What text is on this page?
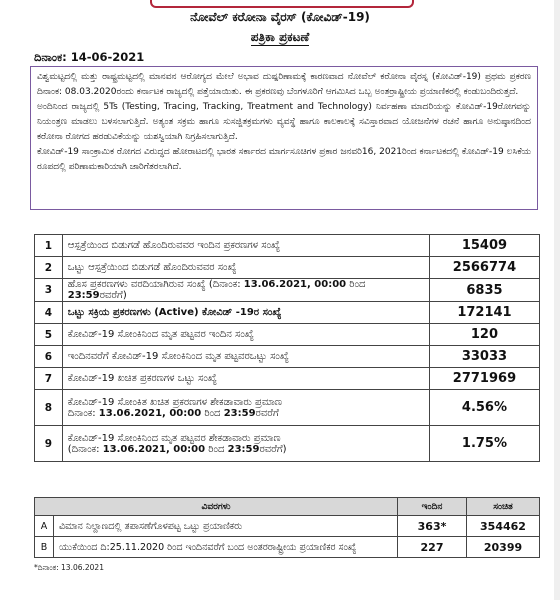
ನೋವೆಲ್ ಕರೋನಾ ವೈರಸ್ (ಕೋವಿಡ್-19)
ಪತ್ರಿಕಾ ಪ್ರಕಟಣೆ
ದಿನಾಂಕ: 14-06-2021

ವಿಶ್ವಮಟ್ಟದಲ್ಲಿ ಮತ್ತು ರಾಷ್ಟ್ರಮಟ್ಟದಲ್ಲಿ ಮಾನವನ ಆರೋಗ್ಯದ ಮೇಲೆ ಅಭಾವ ದುಷ್ಪರಿಣಾಮಕ್ಕೆ ಕಾರಣವಾದ ನೋವೆಲ್ ಕರೋನಾ ವೈರಸ್ನ (ಕೋವಿಡ್-19) ಪ್ರಥಮ ಪ್ರಕರಣ ದಿನಾಂಕ: 08.03.2020ರಂದು ಕರ್ನಾಟಕ ರಾಜ್ಯದಲ್ಲಿ ಪತ್ತೆಯಾಯಿತು. ಈ ಪ್ರಕರಣವು ಬೆಂಗಳೂರಿಗೆ ಆಗಮಿಸಿದ ಒಬ್ಬ ಅಂತರ್ರಾಷ್ಟ್ರೀಯ ಪ್ರಯಾಣಿಕರಲ್ಲಿ ಕಂಡುಬಂದಿರುತ್ತದೆ.

ಅಂದಿನಿಂದ ರಾಜ್ಯದಲ್ಲಿ 5Ts (Testing, Tracing, Tracking, Treatment and Technology) ನಿರ್ವಹಣಾ ಮಾದರಿಯನ್ನು ಕೋವಿಡ್-19ರೋಗವನ್ನು ನಿಯಂತ್ರಣ ಮಾಡಲು ಬಳಸಲಾಗುತ್ತಿದೆ. ಅತ್ಯಂತ ಸಕ್ರಮ ಹಾಗೂ ಸುಸಜ್ಜಿತಕ್ರಮಗಳು ವ್ಯವಸ್ಥೆ ಹಾಗೂ ಕಾಲಕಾಲಕ್ಕೆ ಸವಿಸ್ತಾರವಾದ ಯೋಜನೆಗಳ ರಚನೆ ಹಾಗೂ ಅನುಷ್ಠಾನದಿಂದ ಕರೋನಾ ರೋಗದ ಹರಡುವಿಕೆಯನ್ನು ಯಶಸ್ವಿಯಾಗಿ ನಿಗ್ರಹಿಸಲಾಗುತ್ತಿದೆ.

ಕೋವಿಡ್-19 ಸಾಂಕ್ರಾಮಿಕ ರೋಗದ ವಿರುದ್ಧದ ಹೋರಾಟದಲ್ಲಿ ಭಾರತ ಸರ್ಕಾರದ ಮಾರ್ಗಸೂಚಿಗಳ ಪ್ರಕಾರ ಜನವರಿ16, 2021ರಿಂದ ಕರ್ನಾಟಕದಲ್ಲಿ ಕೋವಿಡ್-19 ಲಸಿಕೆಯ ರೂಪದಲ್ಲಿ ಪರಿಣಾಮಕಾರಿಯಾಗಿ ಜಾರಿಗೆತರಲಾಗಿದೆ.

1	ಆಸ್ಪತ್ರೆಯಿಂದ ಬಿಡುಗಡೆ ಹೊಂದಿರುವವರ ಇಂದಿನ ಪ್ರಕರಣಗಳ ಸಂಖ್ಯೆ	15409
2	ಒಟ್ಟು ಆಸ್ಪತ್ರೆಯಿಂದ ಬಿಡುಗಡೆ ಹೊಂದಿರುವವರ ಸಂಖ್ಯೆ	2566774
3	ಹೊಸ ಪ್ರಕರಣಗಳು ವರದಿಯಾಗಿರುವ ಸಂಖ್ಯೆ (ದಿನಾಂಕ: 13.06.2021, 00:00 ರಿಂದ 23:59ರವರೆಗೆ)	6835
4	ಒಟ್ಟು ಸಕ್ರಿಯ ಪ್ರಕರಣಗಳು (Active) ಕೋವಿಡ್ -19ರ ಸಂಖ್ಯೆ	172141
5	ಕೋವಿಡ್-19 ಸೋಂಕಿನಿಂದ ಮೃತ ಪಟ್ಟವರ ಇಂದಿನ ಸಂಖ್ಯೆ	120
6	ಇಂದಿನವರೆಗೆ ಕೋವಿಡ್-19 ಸೋಂಕಿನಿಂದ ಮೃತ ಪಟ್ಟವರಒಟ್ಟು ಸಂಖ್ಯೆ	33033
7	ಕೋವಿಡ್-19 ಖಚಿತ ಪ್ರಕರಣಗಳ ಒಟ್ಟು ಸಂಖ್ಯೆ	2771969
8	ಕೋವಿಡ್-19 ಸೋಂಕಿತ ಖಚಿತ ಪ್ರಕರಣಗಳ ಶೇಕಡಾವಾರು ಪ್ರಮಾಣ
ದಿನಾಂಕ: 13.06.2021, 00:00 ರಿಂದ 23:59ರವರೆಗೆ	4.56%
9	ಕೋವಿಡ್-19 ಸೋಂಕಿನಿಂದ ಮೃತ ಪಟ್ಟವರ ಶೇಕಡಾವಾರು ಪ್ರಮಾಣ
(ದಿನಾಂಕ: 13.06.2021, 00:00 ರಿಂದ 23:59ರವರೆಗೆ)	1.75%
ವಿವರಗಳು		ಇಂದಿನ	ಸಂಚಿತ
A	ವಿಮಾನ ನಿಲ್ದಾಣದಲ್ಲಿ ತಪಾಸಣೆಗೊಳಪಟ್ಟ ಒಟ್ಟು ಪ್ರಯಾಣಿಕರು	363*	354462
B	ಯುಕೆಯಿಂದ ದಿ:25.11.2020 ರಿಂದ ಇಂದಿನವರೆಗೆ ಬಂದ ಅಂತರರಾಷ್ಟ್ರೀಯ ಪ್ರಯಾಣಿಕರ ಸಂಖ್ಯೆ	227	20399
*ದಿನಾಂಕ: 13.06.2021
